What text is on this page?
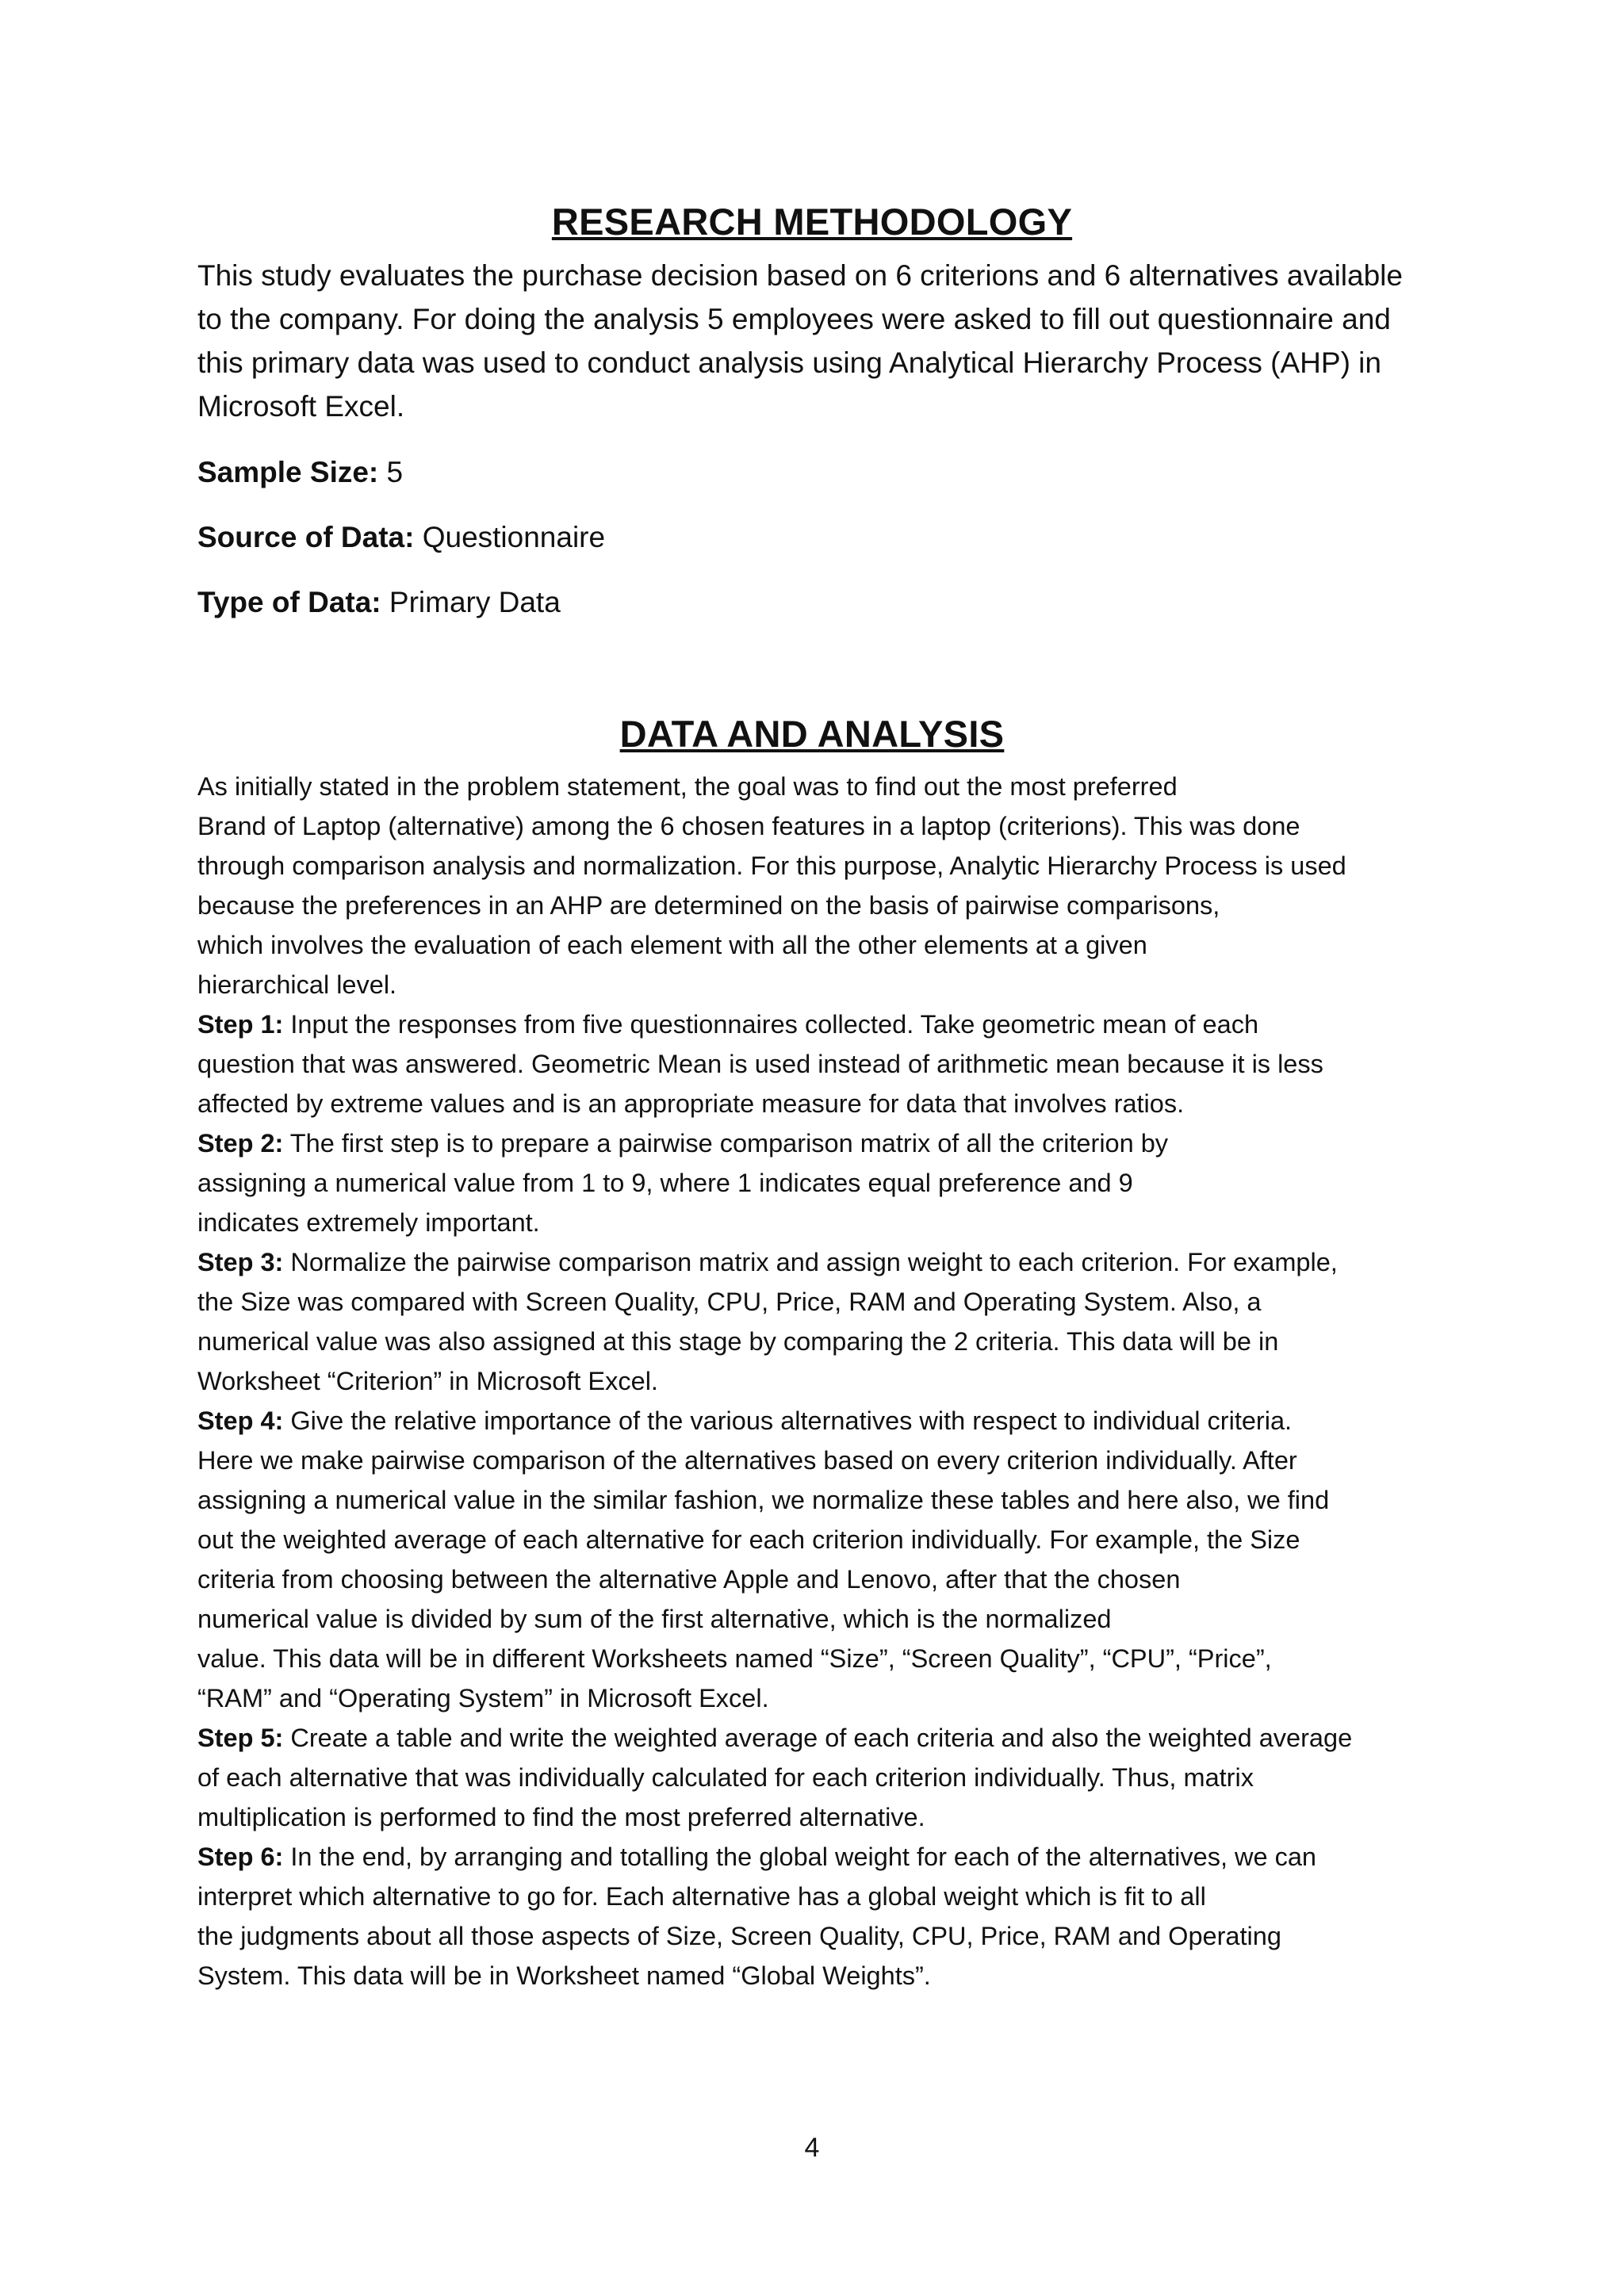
RESEARCH METHODOLOGY
This study evaluates the purchase decision based on 6 criterions and 6 alternatives available
to the company. For doing the analysis 5 employees were asked to fill out questionnaire and
this primary data was used to conduct analysis using Analytical Hierarchy Process (AHP) in
Microsoft Excel.
Sample Size: 5
Source of Data: Questionnaire
Type of Data: Primary Data
DATA AND ANALYSIS
As initially stated in the problem statement, the goal was to find out the most preferred
Brand of Laptop (alternative) among the 6 chosen features in a laptop (criterions). This was done
through comparison analysis and normalization. For this purpose, Analytic Hierarchy Process is used
because the preferences in an AHP are determined on the basis of pairwise comparisons,
which involves the evaluation of each element with all the other elements at a given
hierarchical level.
Step 1: Input the responses from five questionnaires collected. Take geometric mean of each
question that was answered. Geometric Mean is used instead of arithmetic mean because it is less
affected by extreme values and is an appropriate measure for data that involves ratios.
Step 2: The first step is to prepare a pairwise comparison matrix of all the criterion by
assigning a numerical value from 1 to 9, where 1 indicates equal preference and 9
indicates extremely important.
Step 3: Normalize the pairwise comparison matrix and assign weight to each criterion. For example,
the Size was compared with Screen Quality, CPU, Price, RAM and Operating System. Also, a
numerical value was also assigned at this stage by comparing the 2 criteria. This data will be in
Worksheet “Criterion” in Microsoft Excel.
Step 4: Give the relative importance of the various alternatives with respect to individual criteria.
Here we make pairwise comparison of the alternatives based on every criterion individually. After
assigning a numerical value in the similar fashion, we normalize these tables and here also, we find
out the weighted average of each alternative for each criterion individually. For example, the Size
criteria from choosing between the alternative Apple and Lenovo, after that the chosen
numerical value is divided by sum of the first alternative, which is the normalized
value. This data will be in different Worksheets named “Size”, “Screen Quality”, “CPU”, “Price”,
“RAM” and “Operating System” in Microsoft Excel.
Step 5: Create a table and write the weighted average of each criteria and also the weighted average
of each alternative that was individually calculated for each criterion individually. Thus, matrix
multiplication is performed to find the most preferred alternative.
Step 6: In the end, by arranging and totalling the global weight for each of the alternatives, we can
interpret which alternative to go for. Each alternative has a global weight which is fit to all
the judgments about all those aspects of Size, Screen Quality, CPU, Price, RAM and Operating
System. This data will be in Worksheet named “Global Weights”.
4
